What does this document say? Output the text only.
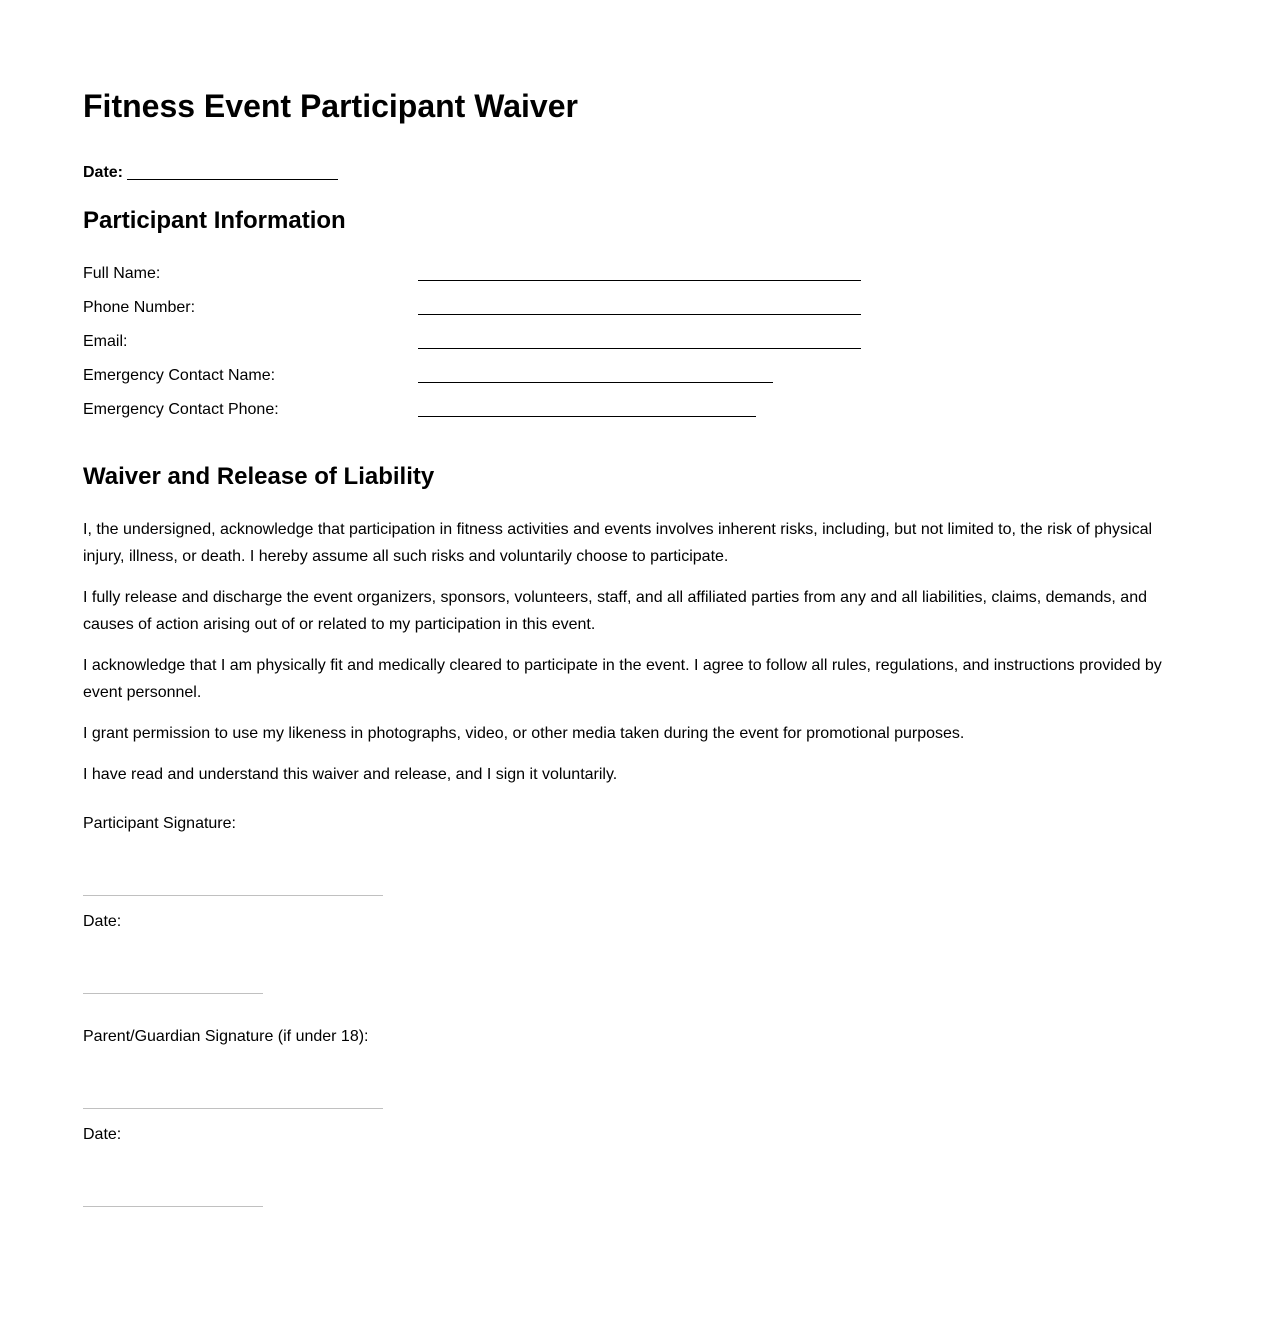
Fitness Event Participant Waiver
Date:
Participant Information
Full Name:
Phone Number:
Email:
Emergency Contact Name:
Emergency Contact Phone:
Waiver and Release of Liability

I, the undersigned, acknowledge that participation in fitness activities and events involves inherent risks, including, but not limited to, the risk of physical injury, illness, or death. I hereby assume all such risks and voluntarily choose to participate.

I fully release and discharge the event organizers, sponsors, volunteers, staff, and all affiliated parties from any and all liabilities, claims, demands, and causes of action arising out of or related to my participation in this event.

I acknowledge that I am physically fit and medically cleared to participate in the event. I agree to follow all rules, regulations, and instructions provided by event personnel.

I grant permission to use my likeness in photographs, video, or other media taken during the event for promotional purposes.

I have read and understand this waiver and release, and I sign it voluntarily.

Participant Signature:
Date:
Parent/Guardian Signature (if under 18):
Date:
